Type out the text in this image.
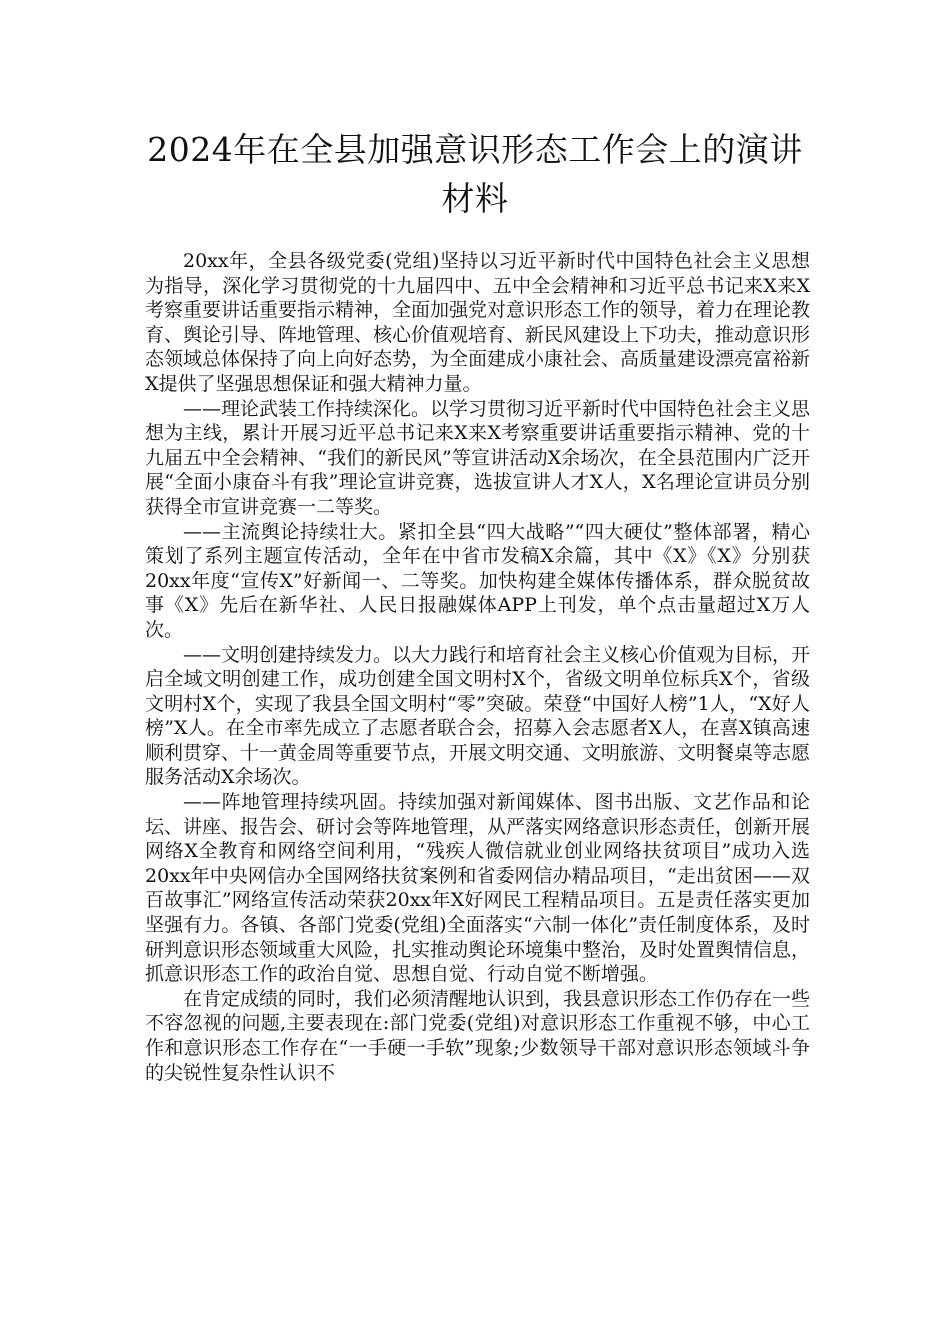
2024年在全县加强意识形态工作会上的演讲材料

20xx年，全县各级党委(党组)坚持以习近平新时代中国特色社会主义思想为指导，深化学习贯彻党的十九届四中、五中全会精神和习近平总书记来X来X考察重要讲话重要指示精神，全面加强党对意识形态工作的领导，着力在理论教育、舆论引导、阵地管理、核心价值观培育、新民风建设上下功夫，推动意识形态领域总体保持了向上向好态势，为全面建成小康社会、高质量建设漂亮富裕新X提供了坚强思想保证和强大精神力量。

——理论武装工作持续深化。以学习贯彻习近平新时代中国特色社会主义思想为主线，累计开展习近平总书记来X来X考察重要讲话重要指示精神、党的十九届五中全会精神、“我们的新民风”等宣讲活动X余场次，在全县范围内广泛开展“全面小康奋斗有我”理论宣讲竞赛，选拔宣讲人才X人，X名理论宣讲员分别获得全市宣讲竞赛一二等奖。

——主流舆论持续壮大。紧扣全县“四大战略”“四大硬仗”整体部署，精心策划了系列主题宣传活动，全年在中省市发稿X余篇，其中《X》《X》分别获20xx年度“宣传X”好新闻一、二等奖。加快构建全媒体传播体系，群众脱贫故事《X》先后在新华社、人民日报融媒体APP上刊发，单个点击量超过X万人次。

——文明创建持续发力。以大力践行和培育社会主义核心价值观为目标，开启全域文明创建工作，成功创建全国文明村X个，省级文明单位标兵X个，省级文明村X个，实现了我县全国文明村“零”突破。荣登“中国好人榜”1人，“X好人榜”X人。在全市率先成立了志愿者联合会，招募入会志愿者X人，在喜X镇高速顺利贯穿、十一黄金周等重要节点，开展文明交通、文明旅游、文明餐桌等志愿服务活动X余场次。

——阵地管理持续巩固。持续加强对新闻媒体、图书出版、文艺作品和论坛、讲座、报告会、研讨会等阵地管理，从严落实网络意识形态责任，创新开展网络X全教育和网络空间利用，“残疾人微信就业创业网络扶贫项目”成功入选20xx年中央网信办全国网络扶贫案例和省委网信办精品项目，“走出贫困——双百故事汇”网络宣传活动荣获20xx年X好网民工程精品项目。五是责任落实更加坚强有力。各镇、各部门党委(党组)全面落实“六制一体化”责任制度体系，及时研判意识形态领域重大风险，扎实推动舆论环境集中整治，及时处置舆情信息，抓意识形态工作的政治自觉、思想自觉、行动自觉不断增强。

在肯定成绩的同时，我们必须清醒地认识到，我县意识形态工作仍存在一些不容忽视的问题,主要表现在:部门党委(党组)对意识形态工作重视不够，中心工作和意识形态工作存在“一手硬一手软”现象;少数领导干部对意识形态领域斗争的尖锐性复杂性认识不
